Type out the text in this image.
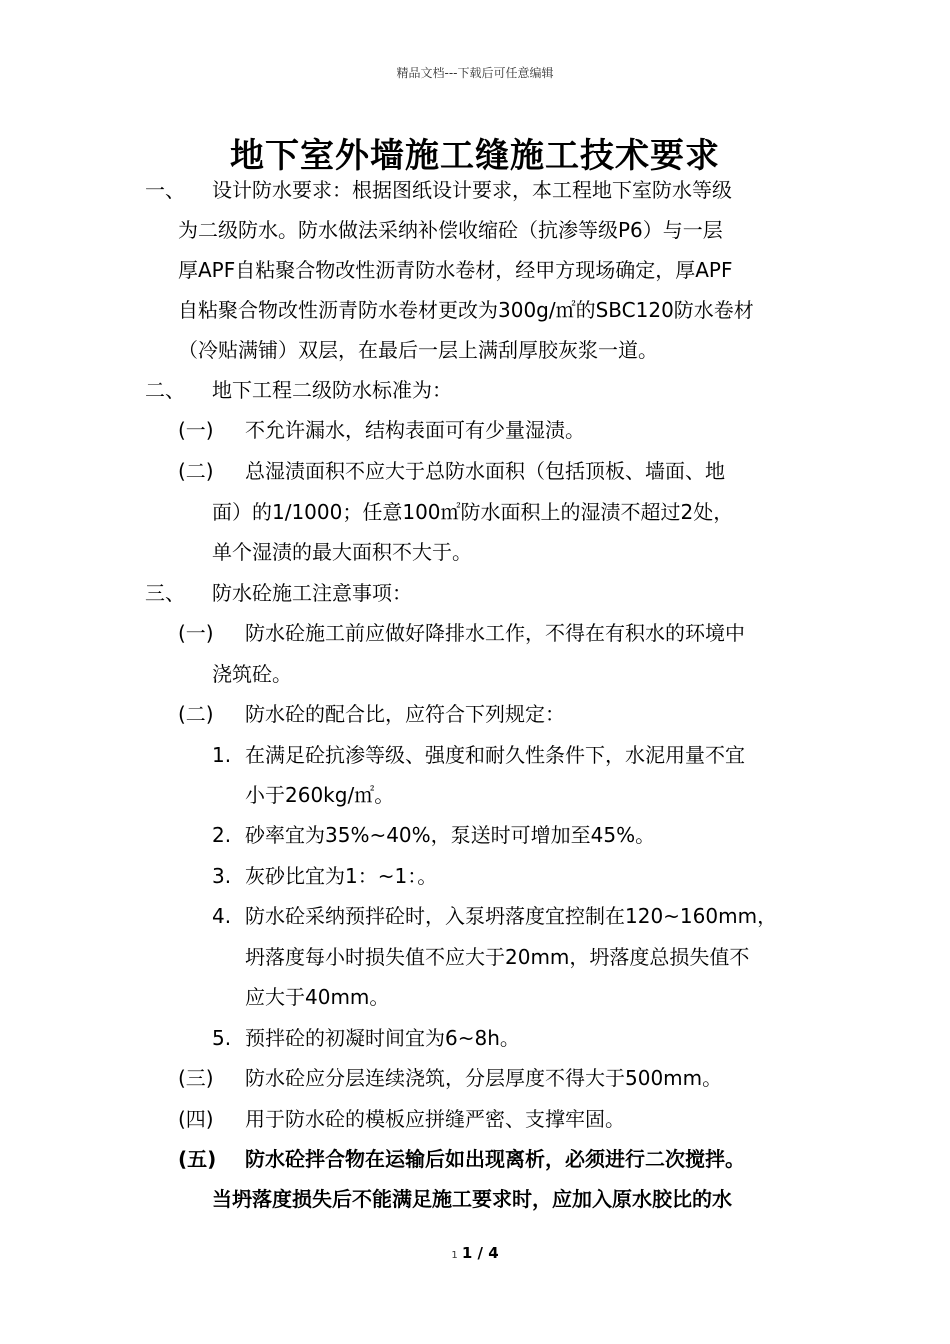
精品文档---下载后可任意编辑
地下室外墙施工缝施工技术要求
一、 设计防水要求：根据图纸设计要求，本工程地下室防水等级
为二级防水。防水做法采纳补偿收缩砼（抗渗等级P6）与一层
厚APF自粘聚合物改性沥青防水卷材，经甲方现场确定，厚APF
自粘聚合物改性沥青防水卷材更改为300g/㎡的SBC120防水卷材
（冷贴满铺）双层，在最后一层上满刮厚胶灰浆一道。
二、 地下工程二级防水标准为：
(一) 不允许漏水，结构表面可有少量湿渍。
(二) 总湿渍面积不应大于总防水面积（包括顶板、墙面、地
面）的1/1000；任意100㎡防水面积上的湿渍不超过2处，
单个湿渍的最大面积不大于。
三、 防水砼施工注意事项：
(一) 防水砼施工前应做好降排水工作，不得在有积水的环境中
浇筑砼。
(二) 防水砼的配合比，应符合下列规定：
1. 在满足砼抗渗等级、强度和耐久性条件下，水泥用量不宜
小于260kg/㎡。
2. 砂率宜为35%~40%，泵送时可增加至45%。
3. 灰砂比宜为1：~1：。
4. 防水砼采纳预拌砼时，入泵坍落度宜控制在120~160mm，
坍落度每小时损失值不应大于20mm，坍落度总损失值不
应大于40mm。
5. 预拌砼的初凝时间宜为6~8h。
(三) 防水砼应分层连续浇筑，分层厚度不得大于500mm。
(四) 用于防水砼的模板应拼缝严密、支撑牢固。
(五) 防水砼拌合物在运输后如出现离析，必须进行二次搅拌。
当坍落度损失后不能满足施工要求时，应加入原水胶比的水
1 1 / 4
